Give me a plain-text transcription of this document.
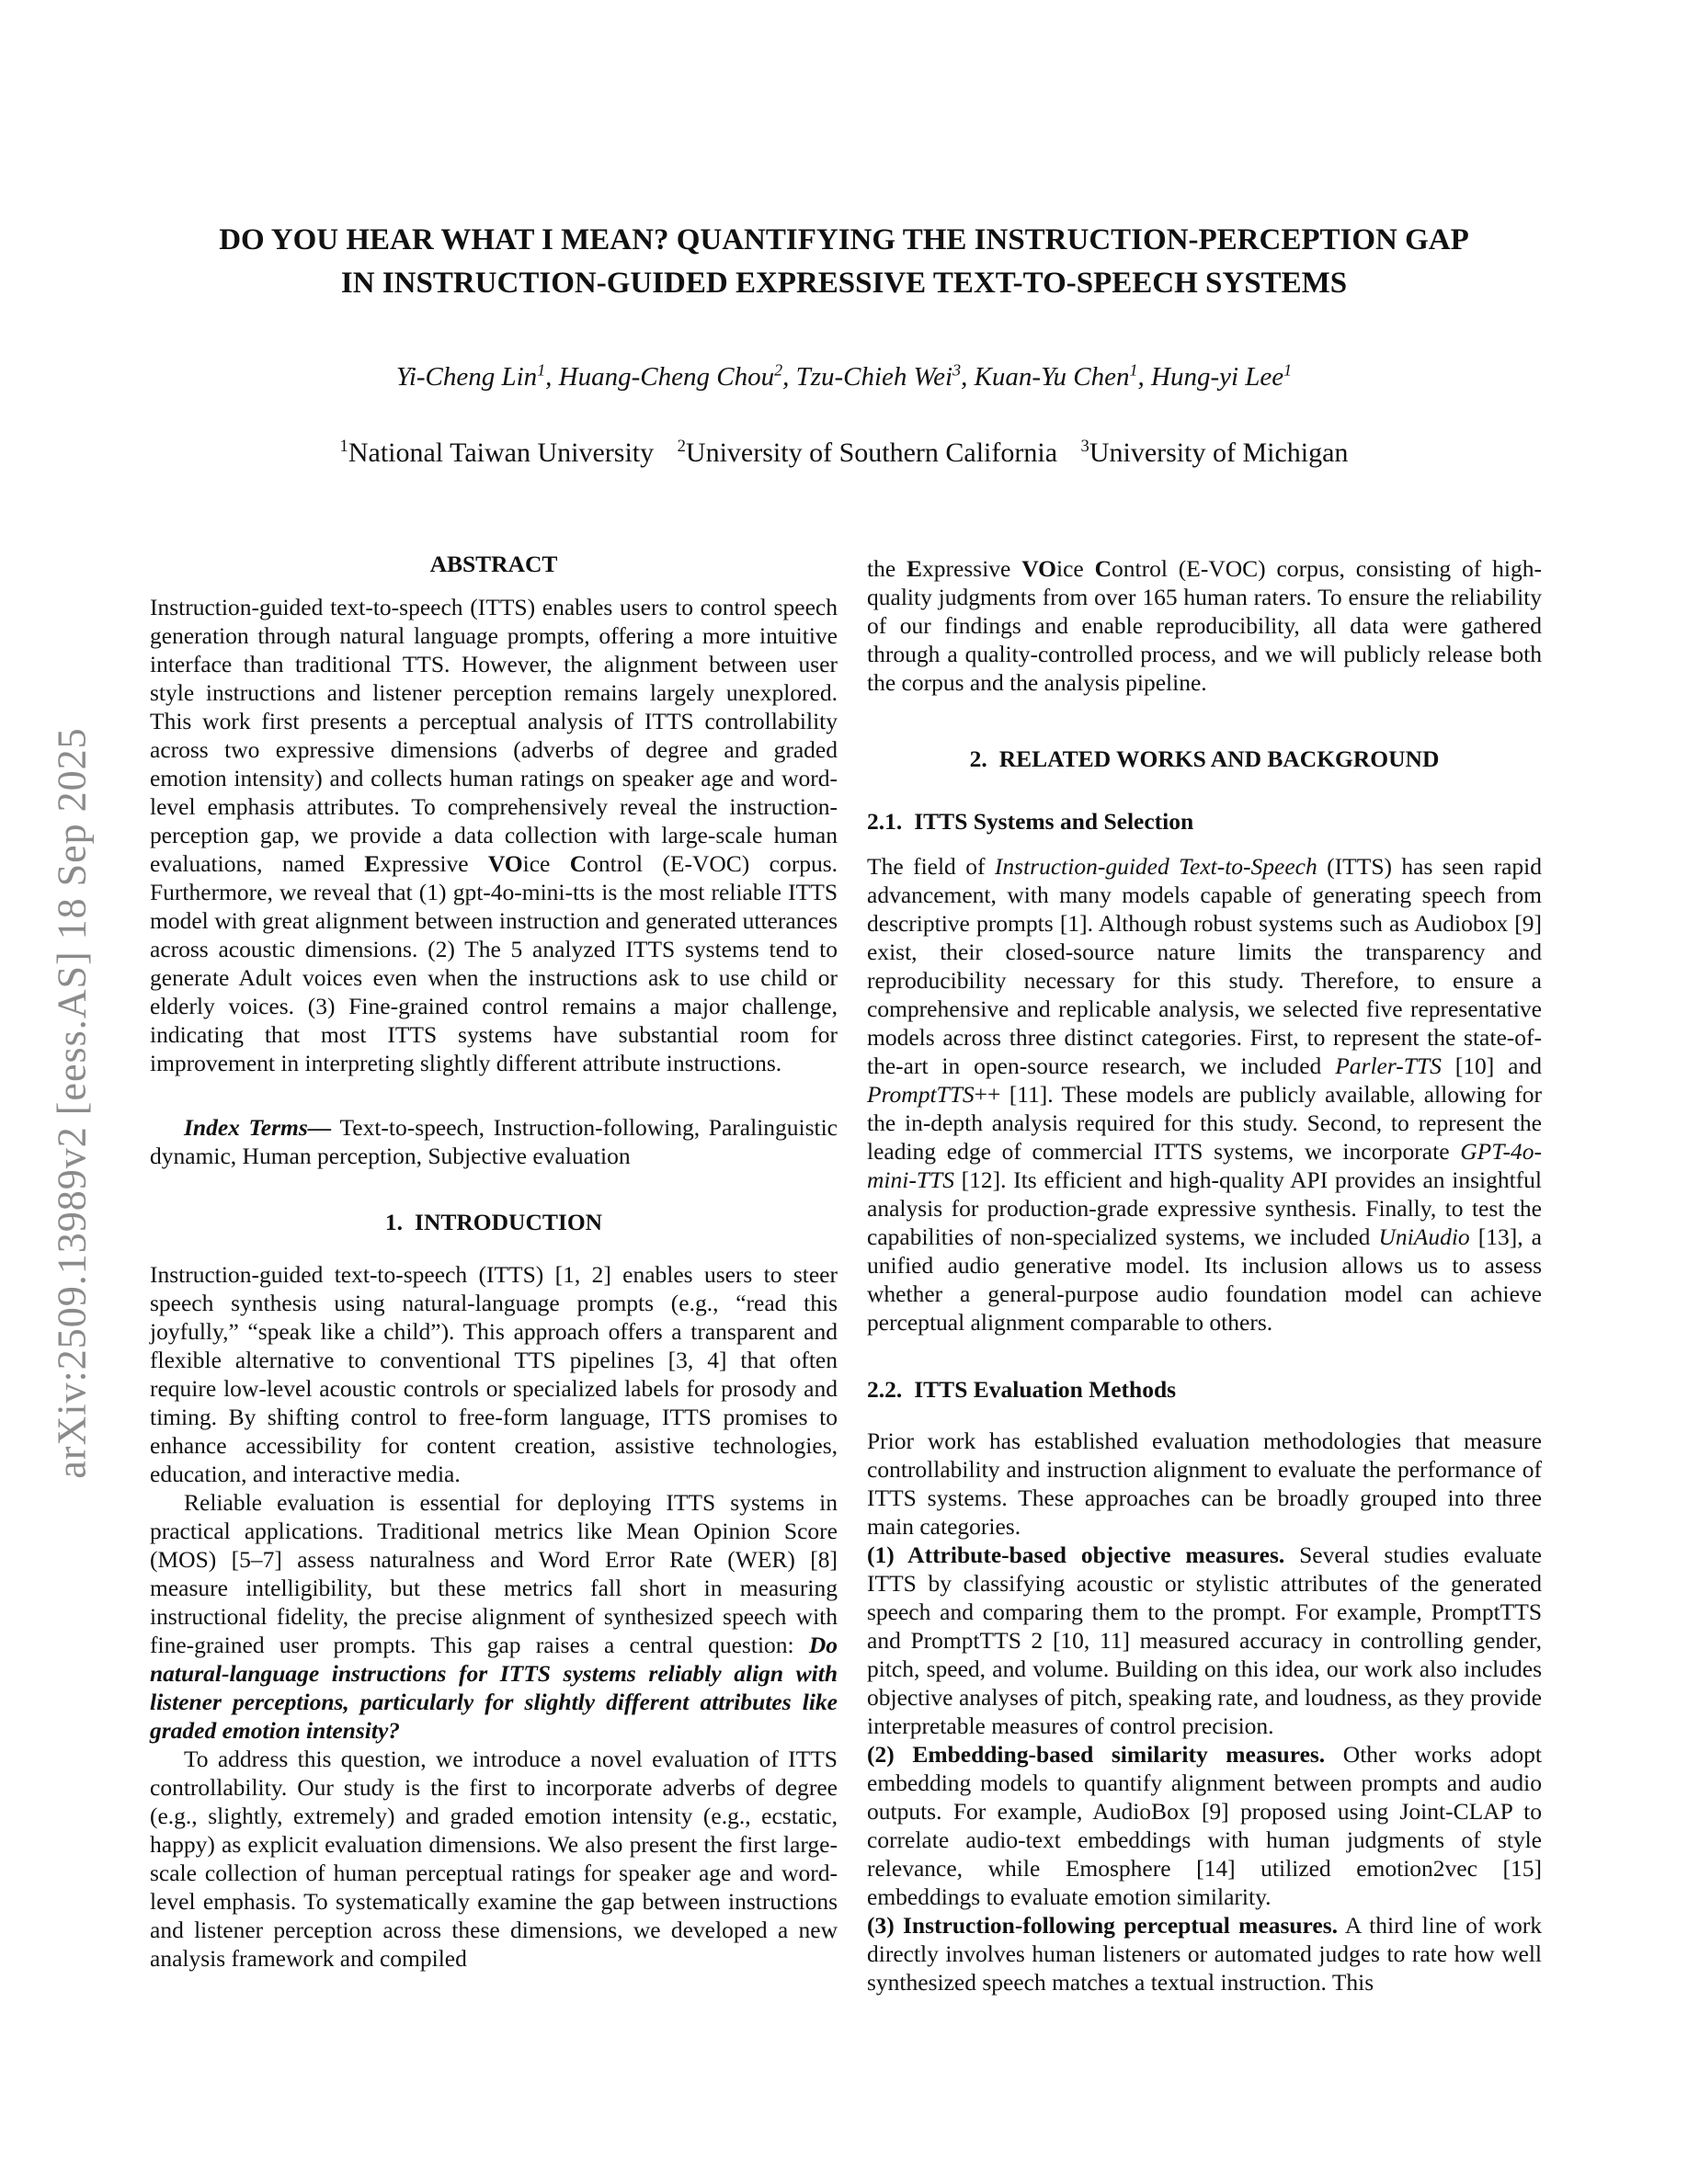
arXiv:2509.13989v2 [eess.AS] 18 Sep 2025
DO YOU HEAR WHAT I MEAN? QUANTIFYING THE INSTRUCTION-PERCEPTION GAP
IN INSTRUCTION-GUIDED EXPRESSIVE TEXT-TO-SPEECH SYSTEMS
Yi-Cheng Lin$^1$, Huang-Cheng Chou$^2$, Tzu-Chieh Wei$^3$, Kuan-Yu Chen$^1$, Hung-yi Lee$^1$
$^1$National Taiwan University $^2$University of Southern California $^3$University of Michigan

ABSTRACT

Instruction-guided text-to-speech (ITTS) enables users to control speech generation through natural language prompts, offering a more intuitive interface than traditional TTS. However, the alignment between user style instructions and listener perception remains largely unexplored. This work first presents a perceptual analysis of ITTS controllability across two expressive dimensions (adverbs of degree and graded emotion intensity) and collects human ratings on speaker age and word-level emphasis attributes. To comprehensively reveal the instruction-perception gap, we provide a data collection with large-scale human evaluations, named Expressive VOice Control (E-VOC) corpus. Furthermore, we reveal that (1) gpt-4o-mini-tts is the most reliable ITTS model with great alignment between instruction and generated utterances across acoustic dimensions. (2) The 5 analyzed ITTS systems tend to generate Adult voices even when the instructions ask to use child or elderly voices. (3) Fine-grained control remains a major challenge, indicating that most ITTS systems have substantial room for improvement in interpreting slightly different attribute instructions.

Index Terms— Text-to-speech, Instruction-following, Paralinguistic dynamic, Human perception, Subjective evaluation

1. INTRODUCTION

Instruction-guided text-to-speech (ITTS) [1, 2] enables users to steer speech synthesis using natural-language prompts (e.g., “read this joyfully,” “speak like a child”). This approach offers a transparent and flexible alternative to conventional TTS pipelines [3, 4] that often require low-level acoustic controls or specialized labels for prosody and timing. By shifting control to free-form language, ITTS promises to enhance accessibility for content creation, assistive technologies, education, and interactive media.

Reliable evaluation is essential for deploying ITTS systems in practical applications. Traditional metrics like Mean Opinion Score (MOS) [5–7] assess naturalness and Word Error Rate (WER) [8] measure intelligibility, but these metrics fall short in measuring instructional fidelity, the precise alignment of synthesized speech with fine-grained user prompts. This gap raises a central question: Do natural-language instructions for ITTS systems reliably align with listener perceptions, particularly for slightly different attributes like graded emotion intensity?

To address this question, we introduce a novel evaluation of ITTS controllability. Our study is the first to incorporate adverbs of degree (e.g., slightly, extremely) and graded emotion intensity (e.g., ecstatic, happy) as explicit evaluation dimensions. We also present the first large-scale collection of human perceptual ratings for speaker age and word-level emphasis. To systematically examine the gap between instructions and listener perception across these dimensions, we developed a new analysis framework and compiled

the Expressive VOice Control (E-VOC) corpus, consisting of high-quality judgments from over 165 human raters. To ensure the reliability of our findings and enable reproducibility, all data were gathered through a quality-controlled process, and we will publicly release both the corpus and the analysis pipeline.

2. RELATED WORKS AND BACKGROUND

2.1. ITTS Systems and Selection

The field of Instruction-guided Text-to-Speech (ITTS) has seen rapid advancement, with many models capable of generating speech from descriptive prompts [1]. Although robust systems such as Audiobox [9] exist, their closed-source nature limits the transparency and reproducibility necessary for this study. Therefore, to ensure a comprehensive and replicable analysis, we selected five representative models across three distinct categories. First, to represent the state-of-the-art in open-source research, we included Parler-TTS [10] and PromptTTS++ [11]. These models are publicly available, allowing for the in-depth analysis required for this study. Second, to represent the leading edge of commercial ITTS systems, we incorporate GPT-4o-mini-TTS [12]. Its efficient and high-quality API provides an insightful analysis for production-grade expressive synthesis. Finally, to test the capabilities of non-specialized systems, we included UniAudio [13], a unified audio generative model. Its inclusion allows us to assess whether a general-purpose audio foundation model can achieve perceptual alignment comparable to others.

2.2. ITTS Evaluation Methods

Prior work has established evaluation methodologies that measure controllability and instruction alignment to evaluate the performance of ITTS systems. These approaches can be broadly grouped into three main categories.

(1) Attribute-based objective measures. Several studies evaluate ITTS by classifying acoustic or stylistic attributes of the generated speech and comparing them to the prompt. For example, PromptTTS and PromptTTS 2 [10, 11] measured accuracy in controlling gender, pitch, speed, and volume. Building on this idea, our work also includes objective analyses of pitch, speaking rate, and loudness, as they provide interpretable measures of control precision.

(2) Embedding-based similarity measures. Other works adopt embedding models to quantify alignment between prompts and audio outputs. For example, AudioBox [9] proposed using Joint-CLAP to correlate audio-text embeddings with human judgments of style relevance, while Emosphere [14] utilized emotion2vec [15] embeddings to evaluate emotion similarity.

(3) Instruction-following perceptual measures. A third line of work directly involves human listeners or automated judges to rate how well synthesized speech matches a textual instruction. This
